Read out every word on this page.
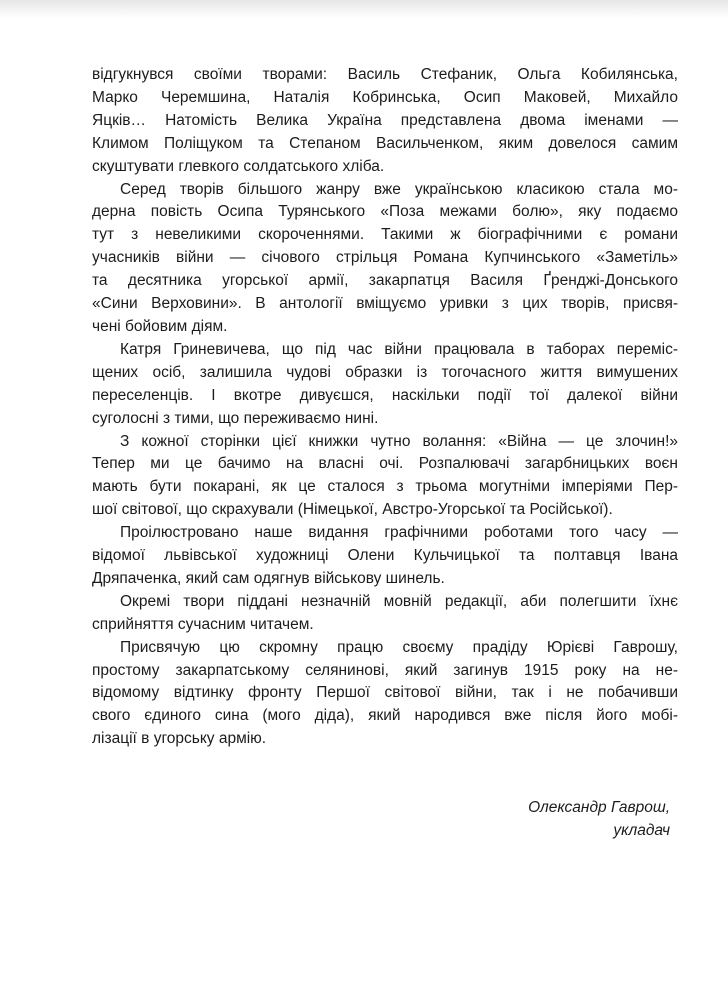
відгукнувся своїми творами: Василь Стефаник, Ольга Кобилянська,
Марко Черемшина, Наталія Кобринська, Осип Маковей, Михайло
Яцків… Натомість Велика Україна представлена двома іменами —
Климом Поліщуком та Степаном Васильченком, яким довелося самим
скуштувати глевкого солдатського хліба.
Серед творів більшого жанру вже українською класикою стала мо-
дерна повість Осипа Турянського «Поза межами болю», яку подаємо
тут з невеликими скороченнями. Такими ж біографічними є романи
учасників війни — січового стрільця Романа Купчинського «Заметіль»
та десятника угорської армії, закарпатця Василя Ґренджі-Донського
«Сини Верховини». В антології вміщуємо уривки з цих творів, присвя-
чені бойовим діям.
Катря Гриневичева, що під час війни працювала в таборах переміс-
щених осіб, залишила чудові образки із тогочасного життя вимушених
переселенців. І вкотре дивуєшся, наскільки події тої далекої війни
суголосні з тими, що переживаємо нині.
З кожної сторінки цієї книжки чутно волання: «Війна — це злочин!»
Тепер ми це бачимо на власні очі. Розпалювачі загарбницьких воєн
мають бути покарані, як це сталося з трьома могутніми імперіями Пер-
шої світової, що скрахували (Німецької, Австро-Угорської та Російської).
Проілюстровано наше видання графічними роботами того часу —
відомої львівської художниці Олени Кульчицької та полтавця Івана
Дряпаченка, який сам одягнув військову шинель.
Окремі твори піддані незначній мовній редакції, аби полегшити їхнє
сприйняття сучасним читачем.
Присвячую цю скромну працю своєму прадіду Юрієві Гаврошу,
простому закарпатському селянинові, який загинув 1915 року на не-
відомому відтинку фронту Першої світової війни, так і не побачивши
свого єдиного сина (мого діда), який народився вже після його мобі-
лізації в угорську армію.
Олександр Гаврош,
укладач
